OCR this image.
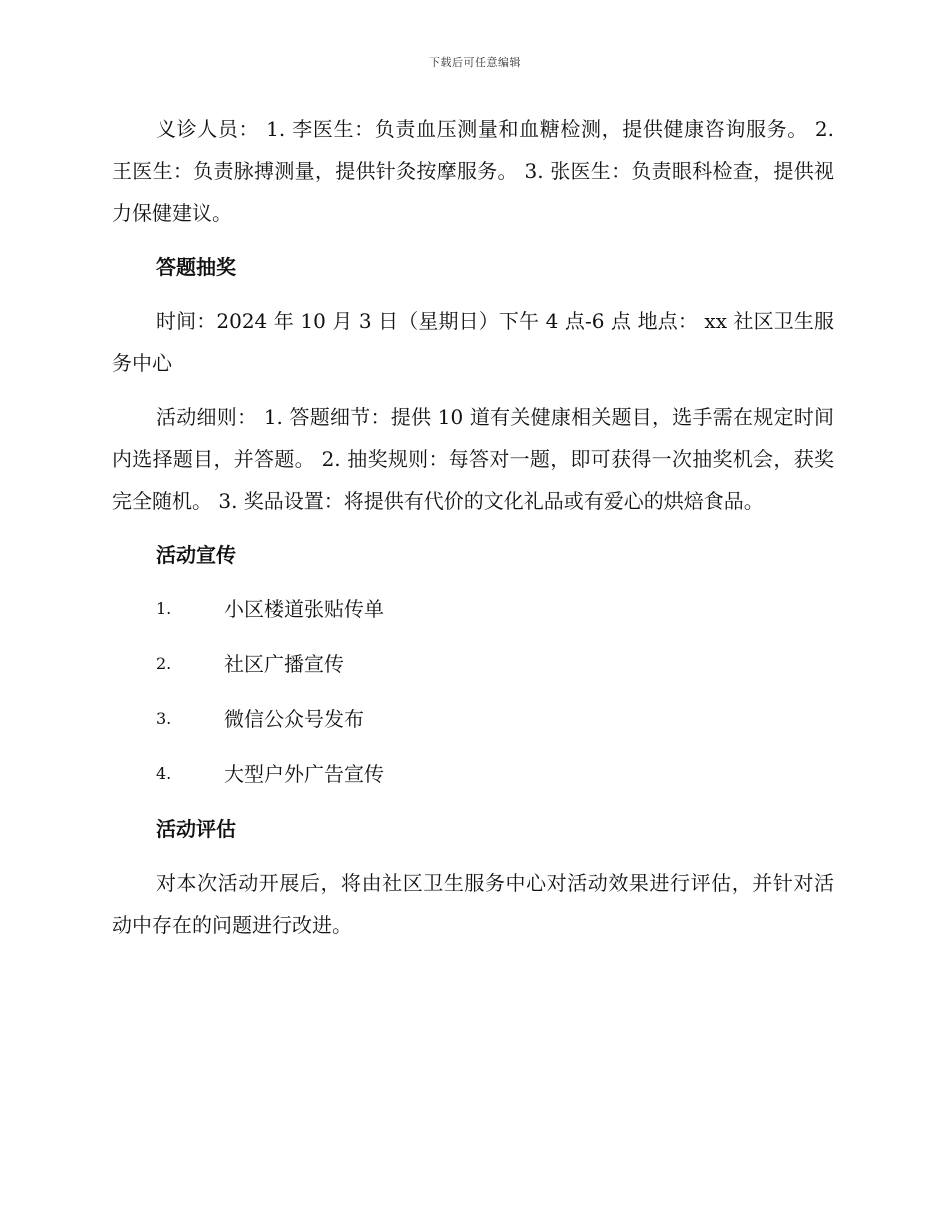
下载后可任意编辑

义诊人员： 1. 李医生：负责血压测量和血糖检测，提供健康咨询服务。 2. 王医生：负责脉搏测量，提供针灸按摩服务。 3. 张医生：负责眼科检查，提供视力保健建议。

答题抽奖

时间：2024 年 10 月 3 日（星期日）下午 4 点-6 点 地点： xx 社区卫生服务中心

活动细则： 1. 答题细节：提供 10 道有关健康相关题目，选手需在规定时间内选择题目，并答题。 2. 抽奖规则：每答对一题，即可获得一次抽奖机会，获奖完全随机。 3. 奖品设置：将提供有代价的文化礼品或有爱心的烘焙食品。

活动宣传
1.	小区楼道张贴传单
2.	社区广播宣传
3.	微信公众号发布
4.	大型户外广告宣传
活动评估

对本次活动开展后，将由社区卫生服务中心对活动效果进行评估，并针对活动中存在的问题进行改进。
